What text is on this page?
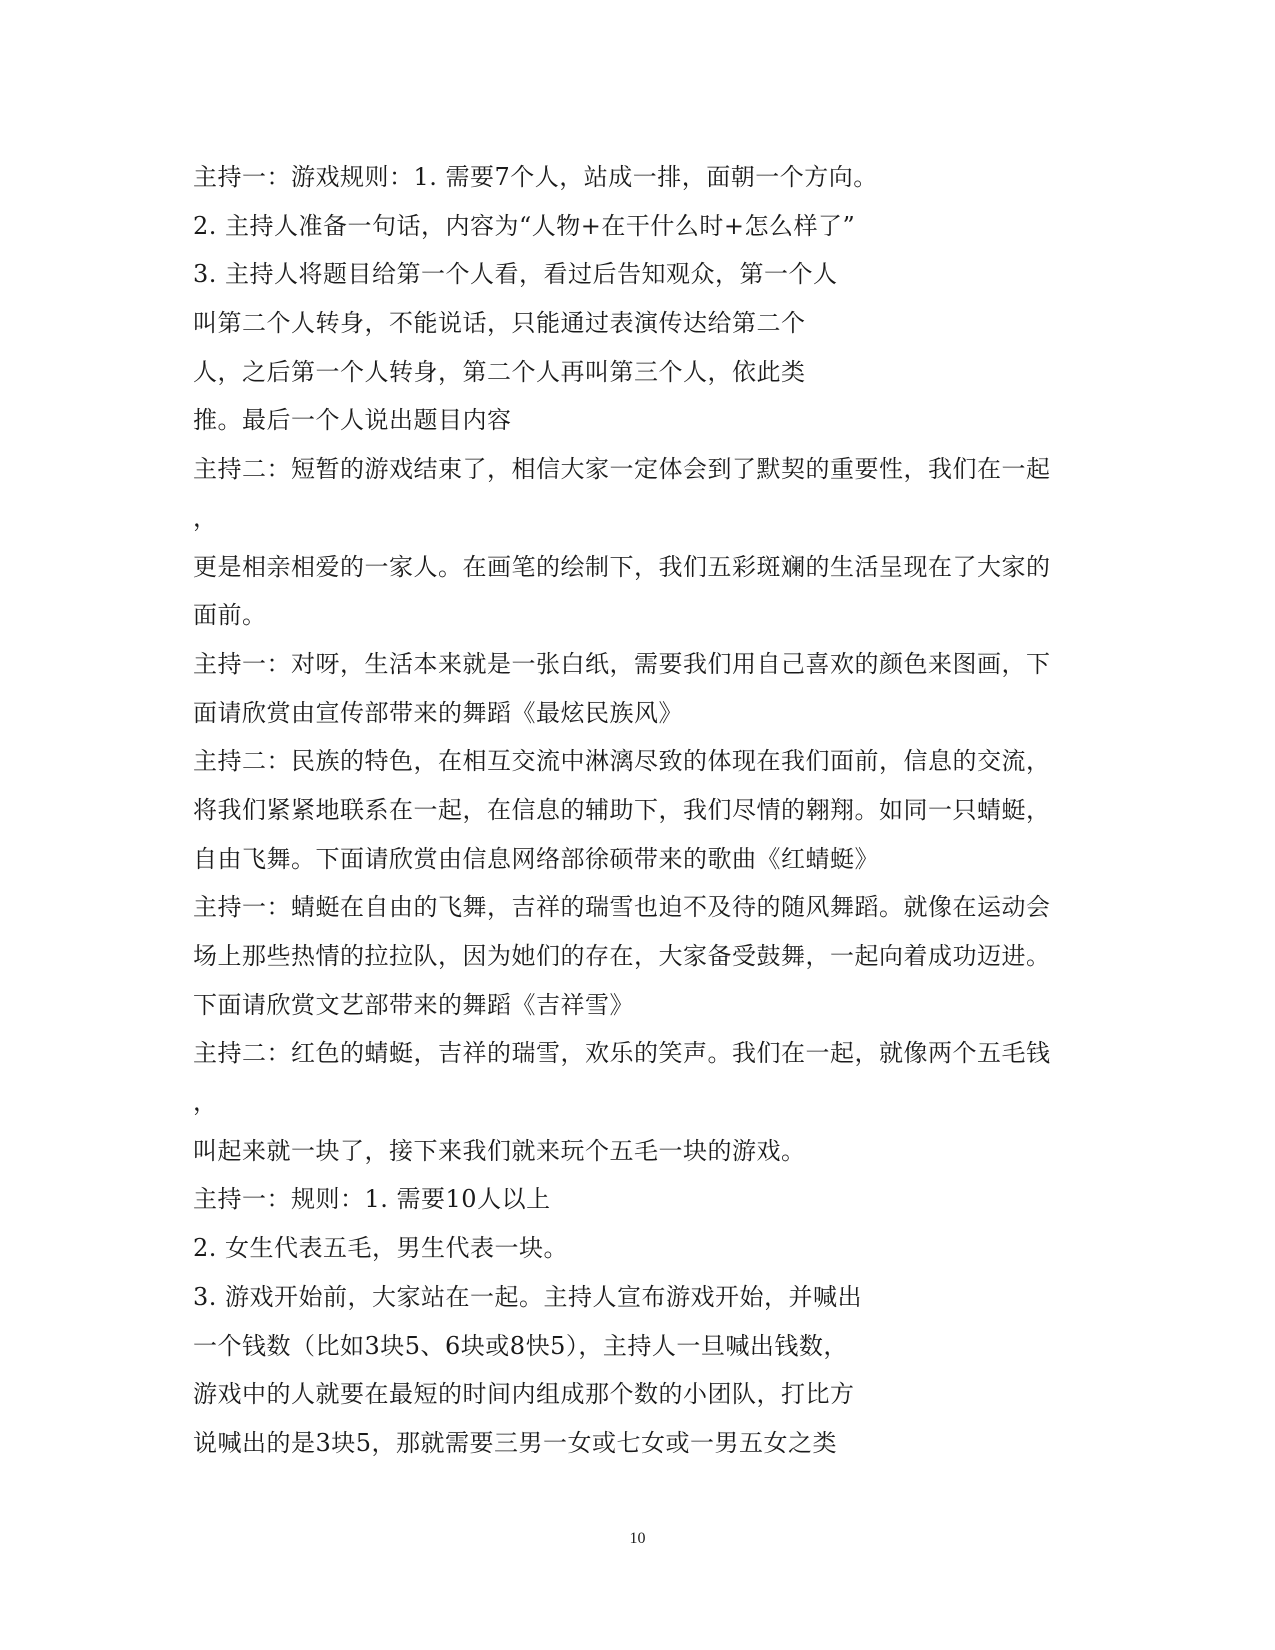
主持一：游戏规则：1. 需要7个人，站成一排，面朝一个方向。
2. 主持人准备一句话，内容为“人物+在干什么时+怎么样了”
3. 主持人将题目给第一个人看，看过后告知观众，第一个人
叫第二个人转身，不能说话，只能通过表演传达给第二个
人，之后第一个人转身，第二个人再叫第三个人，依此类
推。最后一个人说出题目内容
主持二：短暂的游戏结束了，相信大家一定体会到了默契的重要性，我们在一起
，
更是相亲相爱的一家人。在画笔的绘制下，我们五彩斑斓的生活呈现在了大家的
面前。
主持一：对呀，生活本来就是一张白纸，需要我们用自己喜欢的颜色来图画，下
面请欣赏由宣传部带来的舞蹈《最炫民族风》
主持二：民族的特色，在相互交流中淋漓尽致的体现在我们面前，信息的交流，
将我们紧紧地联系在一起，在信息的辅助下，我们尽情的翱翔。如同一只蜻蜓，
自由飞舞。下面请欣赏由信息网络部徐硕带来的歌曲《红蜻蜓》
主持一：蜻蜓在自由的飞舞，吉祥的瑞雪也迫不及待的随风舞蹈。就像在运动会
场上那些热情的拉拉队，因为她们的存在，大家备受鼓舞，一起向着成功迈进。
下面请欣赏文艺部带来的舞蹈《吉祥雪》
主持二：红色的蜻蜓，吉祥的瑞雪，欢乐的笑声。我们在一起，就像两个五毛钱
，
叫起来就一块了，接下来我们就来玩个五毛一块的游戏。
主持一：规则：1. 需要10人以上
2. 女生代表五毛，男生代表一块。
3. 游戏开始前，大家站在一起。主持人宣布游戏开始，并喊出
一个钱数（比如3块5、6块或8快5），主持人一旦喊出钱数，
游戏中的人就要在最短的时间内组成那个数的小团队，打比方
说喊出的是3块5，那就需要三男一女或七女或一男五女之类
10
